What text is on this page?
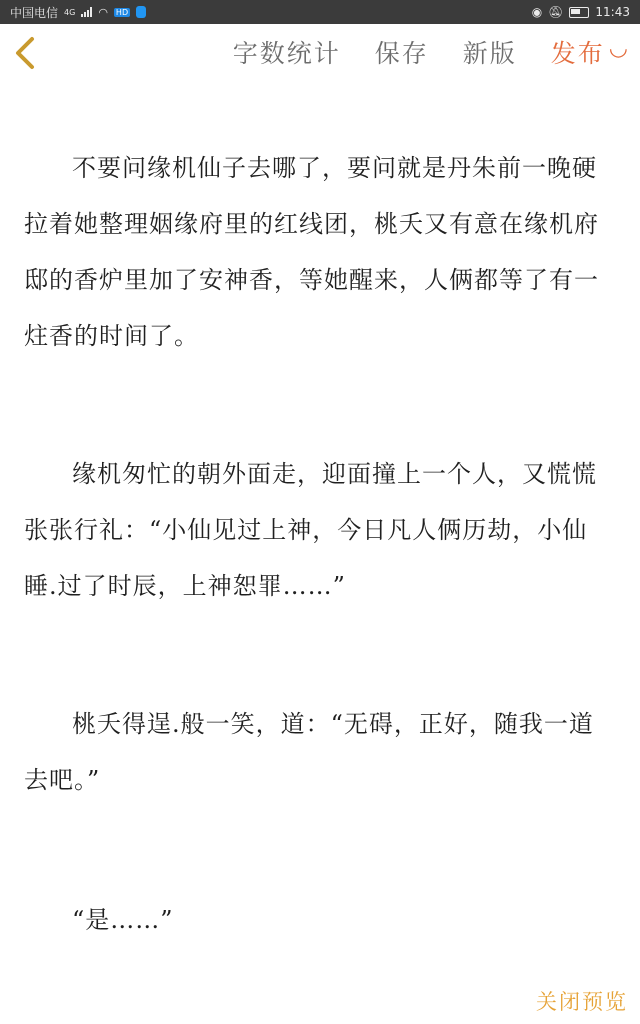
中国电信 4G ◠ HD	◉ 🔕︎	11:43
字数统计 保存 新版 发布 ◡

不要问缘机仙子去哪了，要问就是丹朱前一晚硬拉着她整理姻缘府里的红线团，桃夭又有意在缘机府邸的香炉里加了安神香，等她醒来，人俩都等了有一炷香的时间了。

缘机匆忙的朝外面走，迎面撞上一个人，又慌慌张张行礼：“小仙见过上神，今日凡人俩历劫，小仙睡.过了时辰，上神恕罪……”

桃夭得逞.般一笑，道：“无碍，正好，随我一道去吧。”

“是……”

关闭预览
